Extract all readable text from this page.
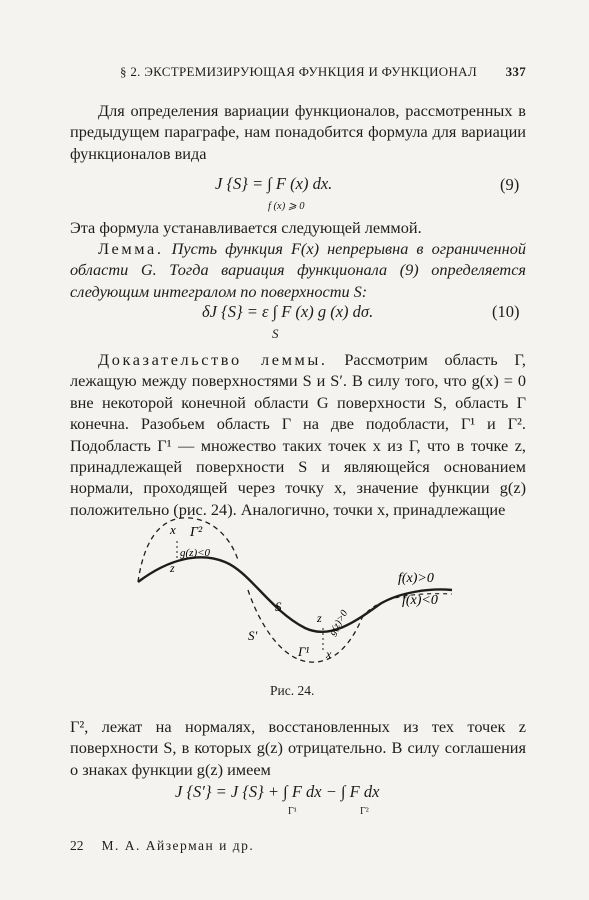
§ 2. ЭКСТРЕМИЗИРУЮЩАЯ ФУНКЦИЯ И ФУНКЦИОНАЛ 337

Для определения вариации функционалов, рассмотренных в предыдущем параграфе, нам понадобится формула для вариации функционалов вида

J {S} = ∫ F (x) dx.
f (x) ⩾ 0
(9)

Эта формула устанавливается следующей леммой.

Лемма. Пусть функция F(x) непрерывна в ограниченной области G. Тогда вариация функционала (9) определяется следующим интегралом по поверхности S:

δJ {S} = ε ∫ F (x) g (x) dσ.
S
(10)

Доказательство леммы. Рассмотрим область Г, лежащую между поверхностями S и S′. В силу того, что g(x) = 0 вне некоторой конечной области G поверхности S, область Г конечна. Разобьем область Г на две подобласти, Г¹ и Г². Подобласть Г¹ — множество таких точек x из Г, что в точке z, принадлежащей поверхности S и являющейся основанием нормали, проходящей через точку x, значение функции g(z) положительно (рис. 24). Аналогично, точки x, принадлежащие

x Г²
g(z)<0
z
S
S′
z g(z)>0
Г¹ x
f(x)>0
f(x)<0
Рис. 24.

Г², лежат на нормалях, восстановленных из тех точек z поверхности S, в которых g(z) отрицательно. В силу соглашения о знаках функции g(z) имеем

J {S′} = J {S} + ∫ F dx − ∫ F dx
Г¹	Г²
22 М. А. Айзерман и др.
